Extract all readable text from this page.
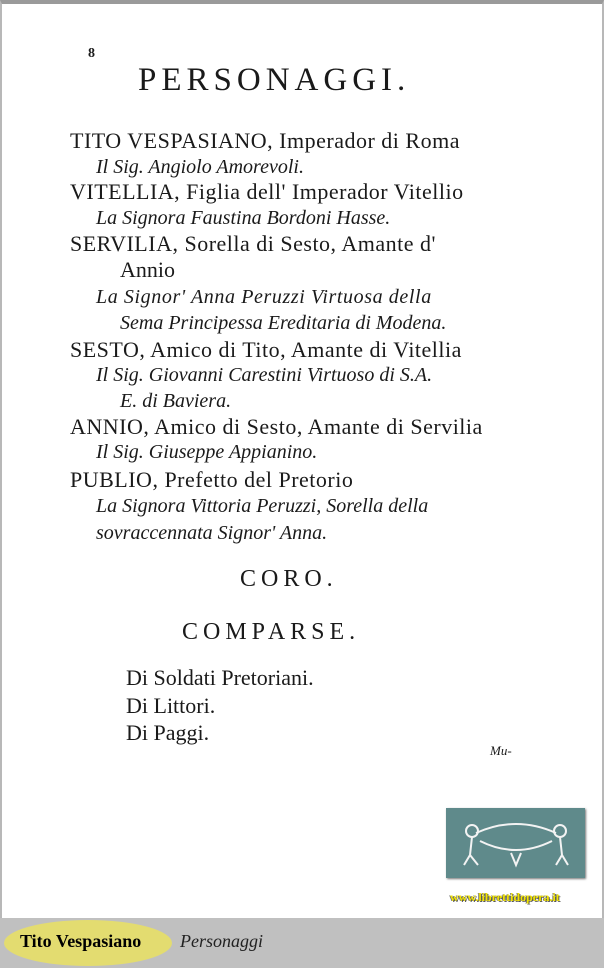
8
PERSONAGGI.
TITO VESPASIANO, Imperador di Roma
Il Sig. Angiolo Amorevoli.
VITELLIA, Figlia dell' Imperador Vitellio
La Signora Faustina Bordoni Hasse.
SERVILIA, Sorella di Sesto, Amante d'
Annio
La Signor' Anna Peruzzi Virtuosa della
Sema Principessa Ereditaria di Modena.
SESTO, Amico di Tito, Amante di Vitellia
Il Sig. Giovanni Carestini Virtuoso di S.A.
E. di Baviera.
ANNIO, Amico di Sesto, Amante di Servilia
Il Sig. Giuseppe Appianino.
PUBLIO, Prefetto del Pretorio
La Signora Vittoria Peruzzi, Sorella della
sovraccennata Signor' Anna.
CORO.
COMPARSE.
Di Soldati Pretoriani.
Di Littori.
Di Paggi.
Mu-
www.librettidopera.it
Tito Vespasiano Personaggi
